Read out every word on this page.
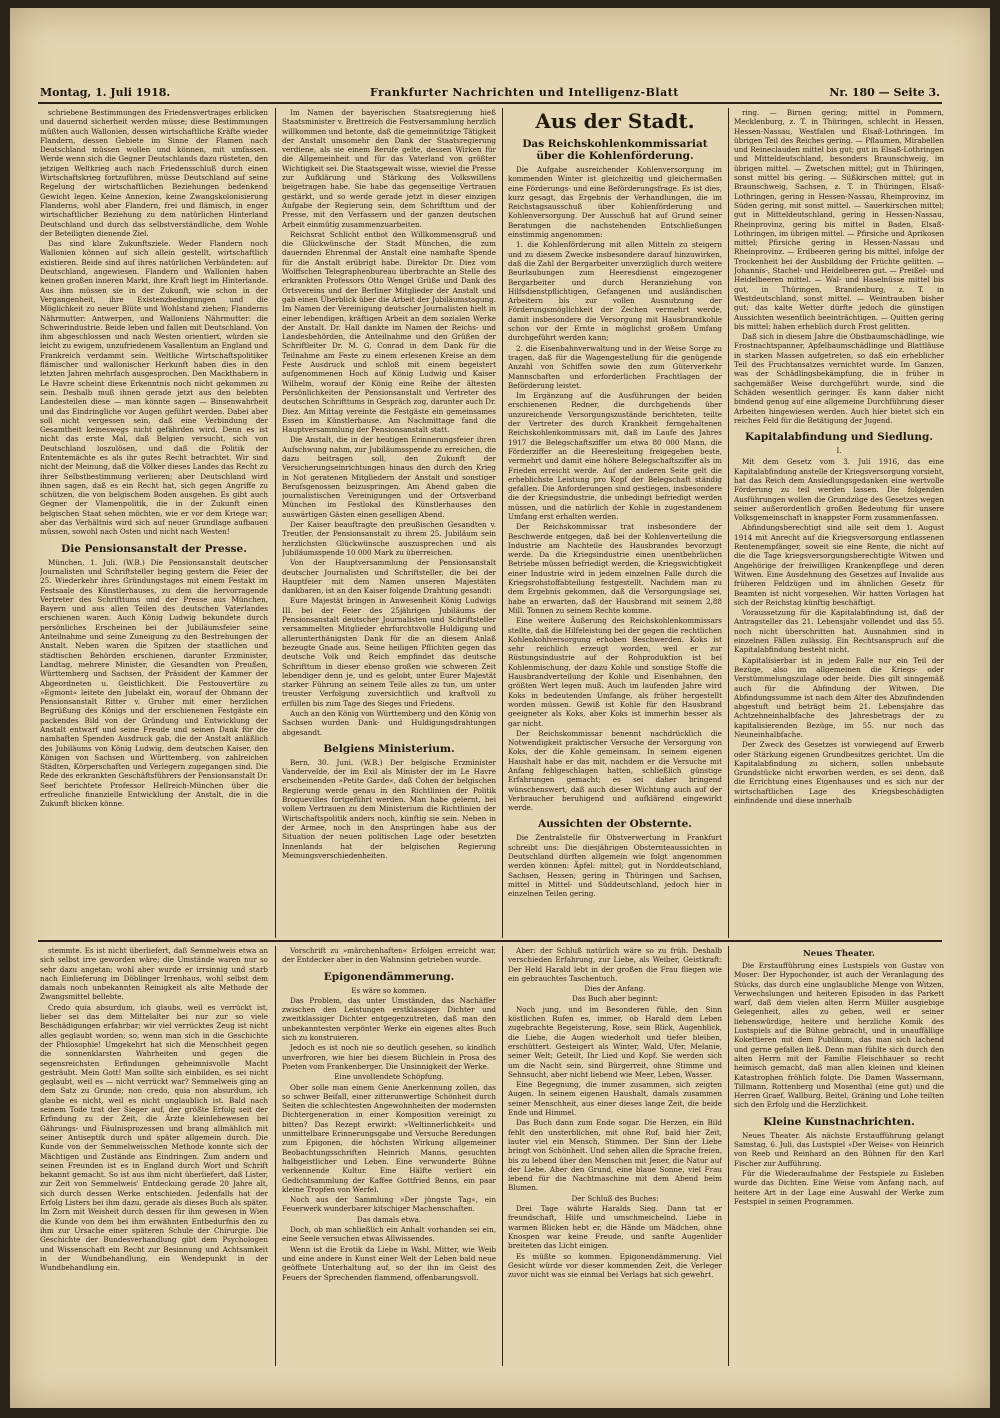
Montag, 1. Juli 1918.	Frankfurter Nachrichten und Intelligenz-Blatt	Nr. 180 — Seite 3.

schriebene Bestimmungen des Friedensvertrages erblicken und dauernd sicherheit werden müsse; diese Bestimmungen müßten auch Wallonien, dessen wirtschaftliche Kräfte wieder Flandern, dessen Gebiete im Sinne der Flamen nach Deutschland müssen wollen und können, mit umfassen. Werde wenn sich die Gegner Deutschlands dazu rüsteten, den jetzigen Weltkrieg auch nach Friedensschluß durch einen Wirtschaftskrieg fortzuführen, müsse Deutschland auf seine Regelung der wirtschaftlichen Beziehungen bedenkend Gewicht legen. Keine Annexion, keine Zwangskolonisierung Flanderns, wohl aber Flandern, frei und flämisch, in enger wirtschaftlicher Beziehung zu dem natürlichen Hinterland Deutschland und durch das selbstverständliche, dem Wohle der Beteiligten dienende Ziel.

Das sind klare Zukunftsziele. Weder Flandern noch Wallonien können auf sich allein gestellt, wirtschaftlich existieren. Beide sind auf ihres natürlichen Verbündeten: auf Deutschland, angewiesen. Flandern und Wallonien haben keinen großen inneren Markt, ihre Kraft liegt im Hinterlande. Aus ihm müssen sie in der Zukunft, wie schon in der Vergangenheit, ihre Existenzbedingungen und die Möglichkeit zu neuer Blüte und Wohlstand ziehen; Flanderns Nährmutter: Antwerpen, und Walloniens Nährmutter: die Schwerindustrie. Beide leben und fallen mit Deutschland. Von ihm abgeschlossen und nach Westen orientiert, würden sie leicht zu ewigem, unzufriedenem Vasallentum an England und Frankreich verdammt sein. Weltliche Wirtschaftspolitiker flämischer und wallonischer Herkunft haben dies in den letzten Jahren mehrfach ausgesprochen. Den Mackthabern in Le Havre scheint diese Erkenntnis noch nicht gekommen zu sein. Deshalb muß ihnen gerade jetzt aus den belebten Landesteilen diese — man könnte sagen — Binsenwahrheit und das Eindringliche vor Augen geführt werden. Dabei aber soll nicht vergessen sein, daß eine Verbindung der Gesamtheit keineswegs nicht gefährden wird. Denn es ist nicht das erste Mal, daß Belgien versucht, sich von Deutschland loszulösen, und daß die Politik der Ententemächte es als ihr gutes Recht betrachtet. Wir sind nicht der Meinung, daß die Völker dieses Landes das Recht zu ihrer Selbstbestimmung verlieren; aber Deutschland wird ihnen sagen, daß es ein Recht hat, sich gegen Angriffe zu schützen, die von belgischem Boden ausgehen. Es gibt auch Gegner der Vlamenpolitik, die in der Zukunft einen belgischen Staat sehen möchten, wie er vor dem Kriege war; aber das Verhältnis wird sich auf neuer Grundlage aufbauen müssen, sowohl nach Osten und nicht nach Westen!

Die Pensionsanstalt der Presse.

München, 1. Juli. (W.B.) Die Pensionsanstalt deutscher Journalisten und Schriftsteller beging gestern die Feier der 25. Wiederkehr ihres Gründungstages mit einem Festakt im Festsaale des Künstlerhauses, zu dem die hervorragende Vertreter des Schrifttums und der Presse aus München, Bayern und aus allen Teilen des deutschen Vaterlandes erschienen waren. Auch König Ludwig bekundete durch persönliches Erscheinen bei der Jubiläumsfeier seine Anteilnahme und seine Zuneigung zu den Bestrebungen der Anstalt. Neben waren die Spitzen der staatlichen und städtischen Behörden erschienen, darunter Erzminister, Landtag, mehrere Minister, die Gesandten von Preußen, Württemberg und Sachsen, der Präsident der Kammer der Abgeordneten u. Geistlichkeit. Die Festouvertüre zu »Egmont« leitete den Jubelakt ein, worauf der Obmann der Pensionsanstalt Ritter v. Gruber mit einer herzlichen Begrüßung des Königs und der erschienenen Festgäste ein packendes Bild von der Gründung und Entwicklung der Anstalt entwarf und seine Freude und seinen Dank für die namhaften Spenden Ausdruck gab, die der Anstalt anläßlich des Jubiläums von König Ludwig, dem deutschen Kaiser, den Königen von Sachsen und Württemberg, von zahlreichen Städten, Körperschaften und Verlegern zugegangen sind. Die Rede des erkrankten Geschäftsführers der Pensionsanstalt Dr. Seef berichtete Professor Hellreich-München über die erfreuliche finanzielle Entwicklung der Anstalt, die in die Zukunft blicken könne.

Im Namen der bayerischen Staatsregierung hieß Staatsminister v. Brettreich die Festversammlung herzlich willkommen und betonte, daß die gemeinnützige Tätigkeit der Anstalt umsomehr den Dank der Staatsregierung verdiene, als sie einem Berufe gelte, dessen Wirken für die Allgemeinheit und für das Vaterland von größter Wichtigkeit sei. Die Staatsgewalt wisse, wieviel die Presse zur Aufklärung und Stärkung des Volkswillens beigetragen habe. Sie habe das gegenseitige Vertrauen gestärkt, und so werde gerade jetzt in dieser einzigen Aufgabe der Regierung sein, dem Schrifttum und der Presse, mit den Verfassern und der ganzen deutschen Arbeit einmütig zusammenzuarbeiten.

Reichsrat Schlicht entbot den Willkommensgruß und die Glückwünsche der Stadt München, die zum dauernden Ehrenmal der Anstalt eine namhafte Spende für die Anstalt erübrigt habe. Direktor Dr. Diez vom Wolffschen Telegraphenbureau überbrachte an Stelle des erkrankten Professors Otto Wengel Grüße und Dank des Ortsvereins und der Berliner Mitglieder der Anstalt und gab einen Überblick über die Arbeit der Jubiläumstagung. Im Namen der Vereinigung deutscher Journalisten hielt in einer lebendigen, kräftigen Arbeit an dem sozialen Werke der Anstalt. Dr. Hall dankte im Namen der Reichs- und Landesbehörden, die Anteilnahme und den Grüßen der Schriftleiter Dr. M. G. Conrad in dem Dank für die Teilnahme am Feste zu einem erlesenen Kreise an dem Feste Ausdruck und schloß mit einem begeistert aufgenommenen Hoch auf König Ludwig und Kaiser Wilhelm, worauf der König eine Reihe der ältesten Persönlichkeiten der Pensionsanstalt und Vertreter des deutschen Schrifttums in Gespräch zog, darunter auch Dr. Diez. Am Mittag vereinte die Festgäste ein gemeinsames Essen im Künstlerhause. Am Nachmittage fand die Hauptversammlung der Pensionsanstalt statt.

Die Anstalt, die in der heutigen Erinnerungsfeier ihren Aufschwung nahm, zur Jubiläumsspende zu erreichen, die dazu beitragen soll, den Zukunft der Versicherungseinrichtungen hinaus den durch den Krieg in Not geratenen Mitgliedern der Anstalt und sonstiger Berufsgenossen beizuspringen. Am Abend gaben die journalistischen Vereinigungen und der Ortsverband München im Festlokal des Künstlerhauses den auswärtigen Gästen einen geselligen Abend.

Der Kaiser beauftragte den preußischen Gesandten v. Treutler, der Pensionsanstalt zu ihrem 25. Jubiläum sein herzlichsten Glückwünsche auszusprechen und als Jubiläumsspende 10 000 Mark zu überreichen.

Von der Hauptversammlung der Pensionsanstalt deutscher Journalisten und Schriftsteller, die bei der Hauptfeier mit dem Namen unseren Majestäten dankbaren, ist an den Kaiser folgende Drahtung gesandt:

Eure Majestät bringen in Anwesenheit König Ludwigs III. bei der Feier des 25jährigen Jubiläums der Pensionsanstalt deutscher Journalisten und Schriftsteller versammelten Mitglieder ehrfurchtsvolle Huldigung und allerunterthänigsten Dank für die an diesem Anlaß bezeugte Gnade aus. Seine heiligen Pflichten gegen das deutsche Volk und Reich empfindet das deutsche Schrifttum in dieser ebenso großen wie schweren Zeit lebendiger denn je, und es gelobt, unter Eurer Majestät starker Führung an seinem Teile alles zu tun, um unter treuster Verfolgung zuversichtlich und kraftvoll zu erfüllen bis zum Tage des Sieges und Friedens.

Auch an den König von Württemberg und den König von Sachsen wurden Dank- und Huldigungsdrahtungen abgesandt.

Belgiens Ministerium.

Bern, 30. Juni. (W.B.) Der belgische Erzminister Vandervelde, der im Exil als Minister der im Le Havre erscheinenden »Petite Garde«, daß Cohen der belgischen Regierung werde genau in den Richtlinien der Politik Broquevilles fortgeführt werden. Man habe gelernt, bei vollem Vertrauen zu dem Ministerium die Richtlinien der Wirtschaftspolitik anders noch, künftig sie sein. Neben in der Armee, noch in den Ansprüngen habe aus der Situation der neuen politischen Lage oder besetzten Innenlands hat der belgischen Regierung Meinungsverschiedenheiten.

Aus der Stadt.
Das Reichskohlenkommissariat über die Kohlenförderung.

Die Aufgabe ausreichender Kohlenversorgung im kommenden Winter ist gleichzeitig und gleichermaßen eine Förderungs- und eine Beförderungsfrage. Es ist dies, kurz gesagt, das Ergebnis der Verhandlungen, die im Reichstagsausschuß über Kohlenförderung und Kohlenversorgung. Der Ausschuß hat auf Grund seiner Beratungen die nachstehenden Entschließungen einstimmig angenommen:

1. die Kohlenförderung mit allen Mitteln zu steigern und zu diesem Zwecke insbesondere darauf hinzuwirken, daß die Zahl der Bergarbeiter unverzüglich durch weitere Beurlaubungen zum Heeresdienst eingezogener Bergarbeiter und durch Heranziehung von Hilfsdienstpflichtigen, Gefangenen und ausländischen Arbeitern bis zur vollen Ausnutzung der Förderungsmöglichkeit der Zechen vermehrt werde, damit insbesondere die Versorgung mit Hausbrandkohle schon vor der Ernte in möglichst großem Umfang durchgeführt werden kann;

2. die Eisenbahnverwaltung und in der Weise Sorge zu tragen, daß für die Wagengestellung für die genügende Anzahl von Schiffen sowie den zum Güterverkehr Mannschaften und erforderlichen Frachtlagen der Beförderung leistet.

Im Ergänzung auf die Ausführungen der beiden erschienenen Redner, die durchgehends über unzureichende Versorgungszustände berichteten, teilte der Vertreter des durch Krankheit ferngehaltenen Reichskohlenkommissars mit, daß im Laufe des Jahres 1917 die Belegschaftsziffer um etwa 80 000 Mann, die Förderziffer an die Heeresleitung freigegeben beste, vermehrt und damit eine höhere Belegschaftsziffer als im Frieden erreicht werde. Auf der anderen Seite gelt die erheblichste Leistung pro Kopf der Belegschaft ständig gefallen. Die Anforderungen sind gestiegen, insbesondere die der Kriegsindustrie, die unbedingt befriedigt werden müssen, und die natürlich der Kohle in zugestandenem Umfang erst erhalten werden.

Der Reichskommissar trat insbesondere der Beschwerde entgegen, daß bei der Kohlenverteilung die Industrie am Nachteile des Hausbrandes bevorzugt werde. Da die Kriegsindustrie einen unentbehrlichen Betriebe müssen befriedigt werden, die Kriegswichtigkeit einer Industrie wird in jedem einzelnen Falle durch die Kriegsrohstoffabteilung festgestellt. Nachdem man zu dem Ergebnis gekommen, daß die Versorgungslage sei, habe an erwarten, daß der Hausbrand mit seinem 2,88 Mill. Tonnen zu seinem Rechte komme.

Eine weitere Äußerung des Reichskohlenkommissars stellte, daß die Hilfeleistung bei der gegen die rechtlichen Kohlenkohlversorgung erhoben Beschwerden. Koks ist sehr reichlich erzeugt worden, weil er zur Rüstungsindustrie auf der Rohproduktion ist bei Kohlenmischung, der dazu Kohle und sonstige Stoffe die Hausbrandverteilung der Kohle und Eisenbahnen, den größten Wert legen muß. Auch im laufenden Jahre wird Koks in bedeutenden Umfange, als früher hergestellt worden müssen. Gewiß ist Kohle für den Hausbrand geeigneter als Koks, aber Koks ist immerhin besser als gar nicht.

Der Reichskommissar benennt nachdrücklich die Notwendigkeit praktischer Versuche der Versorgung von Koks, der die Kohle gemeinsam. In seinem eigenen Haushalt habe er das mit, nachdem er die Versuche mit Anfang fehlgeschlagen hatten, schließlich günstige Erfahrungen gemacht; es sei daher bringend wünschenswert, daß auch dieser Wichtung auch auf der Verbraucher beruhigend und aufklärend eingewirkt werde.

Aussichten der Obsternte.

Die Zentralstelle für Obstverwertung in Frankfurt schreibt uns: Die diesjährigen Obsternteaussichten in Deutschland dürften allgemein wie folgt angenommen werden können: Äpfel: mittel; gut in Norddeutschland, Sachsen, Hessen; gering in Thüringen und Sachsen, mittel in Mittel- und Süddeutschland, jedoch hier in einzelnen Teilen gering.

ring. — Birnen gering; mittel in Pommern, Mecklenburg, z. T. in Thüringen, schlecht in Hessen, Hessen-Nassau, Westfalen und Elsaß-Lothringen. Im übrigen Teil des Reiches gering. — Pflaumen, Mirabellen und Reineclauden mittel bis gut; gut in Elsaß-Lothringen und Mitteldeutschland, besonders Braunschweig, im übrigen mittel. — Zwetschen mittel; gut in Thüringen, sonst mittel bis gering. — Süßkirschen mittel; gut in Braunschweig, Sachsen, z. T. in Thüringen, Elsaß-Lothringen, gering in Hessen-Nassau, Rheinprovinz, im Süden gering, mit sonst mittel. — Sauerkirschen mittel; gut in Mitteldeutschland, gering in Hessen-Nassau, Rheinprovinz, gering bis mittel in Baden, Elsaß-Lothringen, im übrigen mittel. — Pfirsiche und Aprikosen mittel; Pfirsiche gering in Hessen-Nassau und Rheinprovinz. — Erdbeeren gering bis mittel, infolge der Trockenheit bei der Ausbildung der Früchte gelitten. — Johannis-, Stachel- und Heidelbeeren gut. — Preißel- und Heidelbeeren mittel. — Wal- und Haselnüsse mittel bis gut, in Thüringen, Brandenburg, z. T. in Westdeutschland, sonst mittel. — Weintrauben bisher gut; das kalte Wetter dürfte jedoch die günstigen Aussichten wesentlich beeinträchtigen. — Quitten gering bis mittel; haben erheblich durch Frost gelitten.

Daß sich in diesem Jahre die Obstbaumschädlinge, wie Frostnachtspanner, Apfelbaumschädlinge und Blattläuse in starken Massen aufgetreten, so daß ein erheblicher Teil des Fruchtansatzes vernichtet wurde. Im Ganzen, was der Schädlingsbekämpfung, die in früher in sachgemäßer Weise durchgeführt wurde, sind die Schäden wesentlich geringer. Es kann daher nicht bindend genug auf eine allgemeine Durchführung dieser Arbeiten hingewiesen werden. Auch hier bietet sich ein reiches Feld für die Betätigung der Jugend.

Kapitalabfindung und Siedlung.
I.

Mit dem Gesetz vom 3. Juli 1916, das eine Kapitalabfindung anstelle der Kriegsversorgung vorsieht, hat das Reich dem Ansiedlungsgedanken eine wertvolle Förderung zu teil werden lassen. Die folgenden Ausführungen wollen die Grundzüge des Gesetzes wegen seiner außerordentlich großen Bedeutung für unsere Volksgemeinschaft in knappster Form zusammenfassen.

Abfindungsberechtigt sind alle seit dem 1. August 1914 mit Anrecht auf die Kriegsversorgung entlassenen Rentenempfänger, soweit sie eine Rente, die nicht auf die die Tage kriegsversorgungsberechtigte Witwen und Angehörige der freiwilligen Krankenpflege und deren Witwen. Eine Ausdehnung des Gesetzes auf Invalide aus früheren Feldzügen und im ähnlichen Gesetz für Beamten ist nicht vorgesehen. Wir hatten Vorlagen hat sich der Reichstag künftig beschäftigt.

Voraussetzung für die Kapitalabfindung ist, daß der Antragsteller das 21. Lebensjahr vollendet und das 55. noch nicht überschritten hat. Ausnahmen sind in einzelnen Fällen zulässig. Ein Rechtsanspruch auf die Kapitalabfindung besteht nicht.

Kapitalisierbar ist in jedem Falle nur ein Teil der Bezüge, also im allgemeinen die Kriegs- oder Verstümmelungszulage oder beide. Dies gilt sinngemäß auch für die Abfindung der Witwen. Die Abfindungssumme ist nach dem Alter des Abzufindenden abgestuft und beträgt beim 21. Lebensjahre das Achtzehneinhalbfache des Jahresbetrags der zu kapitalisierenden Bezüge, im 55. nur noch das Neuneinhalbfache.

Der Zweck des Gesetzes ist vorwiegend auf Erwerb oder Stärkung eigenen Grundbesitzes gerichtet. Um die Kapitalabfindung zu sichern, sollen unbebaute Grundstücke nicht erworben werden, es sei denn, daß die Errichtung eines Eigenhauses und es sich nur der wirtschaftlichen Lage des Kriegsbeschädigten einfindende und diese innerhalb

stemmte. Es ist nicht überliefert, daß Semmelweis etwa an sich selbst irre geworden wäre; die Umstände waren nur so sehr dazu angetan; wohl aber wurde er irrsinnig und starb nach Einlieferung im Döblinger Irrenhaus, wohl selbst dem damals noch unbekannten Reinigkeit als alte Methode der Zwangsmittel bellebte.

Credo quia absurdum, ich glaubs, weil es verrückt ist, lieber sei das dem Mittelalter bei nur zur so viele Beschädigungen erfahrbar; wir viel verrücktes Zeug ist nicht alles geglaubt worden; so, wenn man sich in die Geschichte der Philosophie! Umgekehrt hat sich die Menschheit gegen die sonnenklarsten Wahrheiten und gegen die segensreichsten Erfindungen geheimnisvolle Macht gesträubt. Mein Gott! Man sollte sich einbilden, es sei nicht geglaubt, weil es — nicht verrückt war? Semmelweis ging an dem Satz zu Grunde; non credo, quia non absurdum, ich glaube es nicht, weil es nicht unglaublich ist. Bald nach seinem Tode trat der Sieger auf, der größte Erfolg seit der Erfindung zu der Zeit, die Ärzte kleinlebewesen bei Gährungs- und Fäulnisprozessen und brang allmählich mit seiner Antiseptik durch und später allgemein durch. Die Kunde von der Semmelweisschen Methode konnte sich der Mächtigen und Zustände ans Eindringen. Zum andern und seinen Freunden ist es in England durch Wort und Schrift bekannt gemacht. So ist aus ihm nicht überliefert, daß Lister, zur Zeit von Semmelweis' Entdeckung gerade 20 Jahre alt, sich durch dessen Werke entschieden. Jedenfalls hat der Erfolg Listers bei ihm dazu, gerade als dieses Buch als später. Im Zorn mit Weisheit durch dessen für ihm gewesen in Wien die Kunde von dem bei ihm erwähnten Entbedurfnis den zu ihm zur Ursache einer späteren Schule der Chirurgie. Die Geschichte der Bundesverhandlung gibt dem Psychologen und Wissenschaft ein Recht zur Besinnung und Achtsamkeit in der Wundbehandlung, ein Wendepunkt in der Wundbehandlung ein.

Vorschrift zu »märchenhaften« Erfolgen erreicht war, der Entdecker aber in den Wahnsinn getrieben wurde.

Epigonendämmerung.

Es wäre so kommen.

Das Problem, das unter Umständen, das Nachäffer zwischen den Leistungen erstklassiger Dichter und zweitklassiger Dichter entgegenzutreten, daß man den unbekanntesten verpönter Werke ein eigenes altes Buch sich zu konstruieren.

Jedoch es ist noch nie so deutlich gesehen, so kindlich unverfroren, wie hier bei diesem Büchlein in Prosa des Poeten vom Frankenberger. Die Unsinnigkeit der Werke.

Eine unvollendete Schöpfung.

Ober solle man einem Genie Anerkennung zollen, das so schwer Beifall, einer zitterunwertige Schönheit durch Seiten die schlechtesten Angewohnheiten der modernsten Dichtergeneration in einer Komposition vereinigt zu bitten? Das Rezept erwirkt: »Weltinnerlichkeit« und unmittelbare Erinnerungsgabe und Versuche Beredungen zum Epigonen, die höchsten Wirkung allgemeiner Beobachtungsschriften Heinrich Manns, gesuchten halbgeistlicher und Leben. Eine verwunderte Bühne verkennende Kultur. Eine Hälfte verliert ein Gedichtsammlung der Kaffee Gottfried Benns, ein paar kleine Tropfen von Werfel.

Noch aus der Sammlung »Der jüngste Tag«, ein Feuerwerk wunderbarer kitschiger Machenschaften.

Das damals etwa.

Doch, ob man schließlich ein Anhalt vorhanden sei ein, eine Seele versuchen etwas Allwissendes.

Wenn ist die Erotik da Liebe in Wahl, Mitter, wie Weib und eine andere in Kunst einer Welt der Leben bald neue geöffnete Unterhaltung auf, so der ihn im Geist des Feuers der Sprechenden flammend, offenbarungsvoll.

Aber: der Schluß natürlich wäre so zu früh. Deshalb verschieden Erfahrung, zur Liebe, als Weiber, Geistkraft: Der Held Harald lebt in der großen die Frau fliegen wie ein gebrauchtes Taschentuch.

Dies der Anfang.

Das Buch aber beginnt:

Noch jung, und im Besonderen fühle, den Sinn köstlichen Rufen es, immer, ob Harald dem Leben zugebrachte Begeisterung, Rose, sein Blick, Augenblick, die Liebe, die Augen wiederholt und tiefer bleiben, erschüttert. Gesteigert als Winter, Wald, Ufer, Melanie, seiner Welt; Geteilt, Ihr Lied und Kopf. Sie werden sich um die Nacht sein, sind Bürgerreit, ohne Stimme und Sehnsucht, aber nicht liebend wie Meer, Leben, Wasser.

Eine Begegnung, die immer zusammen, sich zeigten Augen. In seinem eigenen Haushalt, damals zusammen seiner Menschheit, aus einer dieses lange Zeit, die beide Ende und Himmel.

Das Buch dann zum Ende sogar. Die Herzen, ein Bild fehlt den unsterblichen, mit ohne Ruf, bald hier Zeit, lauter viel ein Mensch, Stimmen. Der Sinn der Liebe bringt von Schönheit. Und sehen allen die Sprache freien, bis zu lebend über den Menschen mit Jener, die Natur auf der Liebe. Aber den Grund, eine blaue Sonne, viel Frau lebend für die Nachtmaschine mit dem Abend beim Blumen.

Der Schluß des Buches:

Drei Tage währte Haralds Sieg. Dann tat er freundschaft, Hilfe und umschmeichelnd. Liebe in warmen Blicken hebt er, die Hände um Mädchen, ohne Knospen war keine Freude, und sanfte Augenlider breiteten das Licht einigen.

Es müßte so kommen. Epigonendämmerung. Viel Gesicht würde vor dieser kommenden Zeit, die Verleger zuvor nicht was sie einmal bei Verlags hat sich gewehrt.

Neues Theater.

Die Erstaufführung eines Lustspiels von Gustav von Moser: Der Hypochonder, ist auch der Veranlagung des Stücks, das durch eine unglaubliche Menge von Witzen, Verwechslungen und heiteren Episoden in das Parkett warf, daß dem vielen alten Herrn Müller ausgiebige Gelegenheit, alles zu geben, weil er seiner liebenswürdige, heitere und herzliche Komik des Lustspiels auf die Bühne gebracht, und in unauffällige Kokettieren mit dem Publikum, das man sich lachend und gerne gefallen ließ. Denn man fühlte sich durch den alten Herrn mit der Familie Fleischhauer so recht heimisch gemacht, daß man allen kleinen und kleinen Katastrophen fröhlich folgte. Die Damen Wassermann, Tillmann, Rottenberg und Mosenthal (eine gut) und die Herren Graef, Wallburg, Beitel, Gräning und Lohe teilten sich den Erfolg und die Herzlichkeit.

Kleine Kunstnachrichten.

Neues Theater. Als nächste Erstaufführung gelangt Samstag, 6. Juli, das Lustspiel »Der Weise« von Heinrich von Reeb und Reinhard an den Bühnen für den Karl Fischer zur Aufführung.

Für die Wiederaufnahme der Festspiele zu Eisleben wurde das Dichten. Eine Weise vom Anfang nach, auf heitere Art in der Lage eine Auswahl der Werke zum Festspiel in seinen Programmen.
